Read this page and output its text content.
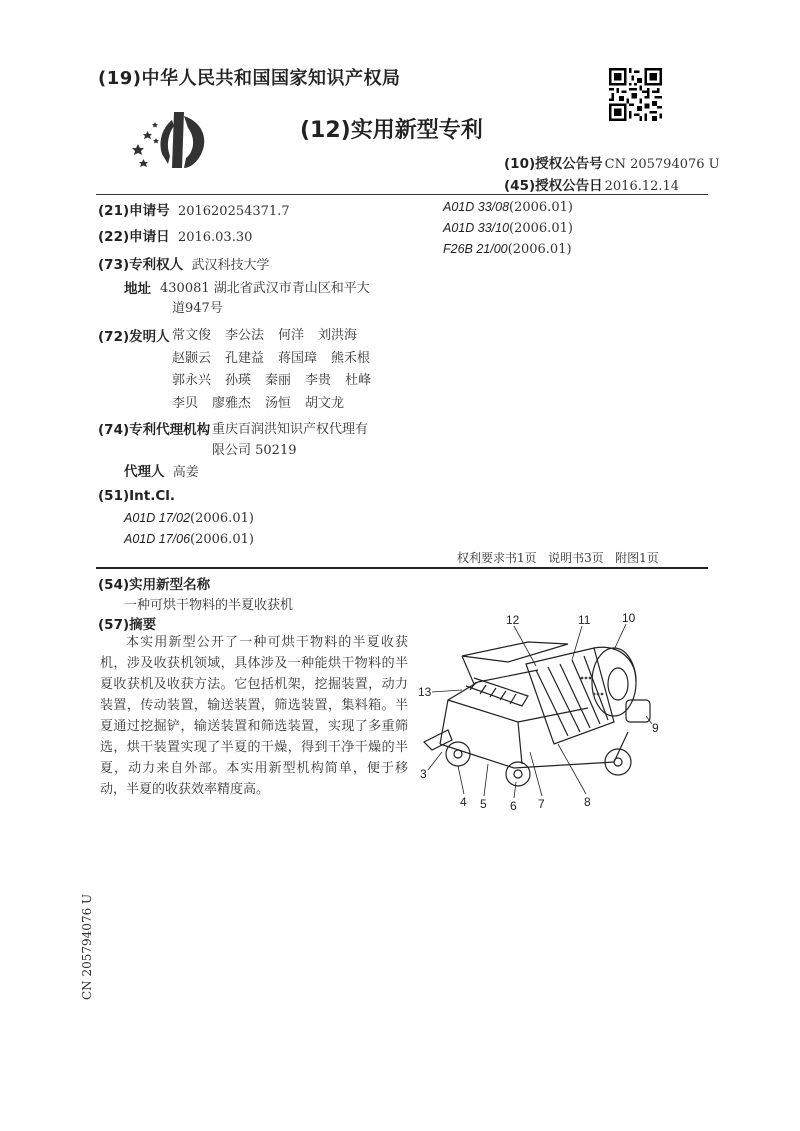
(19)中华人民共和国国家知识产权局
(12)实用新型专利
(10)授权公告号 CN 205794076 U
(45)授权公告日 2016.12.14
(21)申请号 201620254371.7
(22)申请日 2016.03.30
(73)专利权人 武汉科技大学
地址 430081 湖北省武汉市青山区和平大
道947号
(72)发明人 常文俊 李公法 何洋 刘洪海
赵颢云 孔建益 蒋国璋 熊禾根
郭永兴 孙瑛 秦丽 李贵 杜峰
李贝 廖雅杰 汤恒 胡文龙
(74)专利代理机构 重庆百润洪知识产权代理有
限公司 50219
代理人 高姜
(51)Int.Cl.
A01D 17/02(2006.01)
A01D 17/06(2006.01)
A01D 33/08(2006.01)
A01D 33/10(2006.01)
F26B 21/00(2006.01)
权利要求书1页   说明书3页   附图1页
(54)实用新型名称
一种可烘干物料的半夏收获机
(57)摘要
本实用新型公开了一种可烘干物料的半夏收获机，涉及收获机领域，具体涉及一种能烘干物料的半夏收获机及收获方法。它包括机架，挖掘装置，动力装置，传动装置，输送装置，筛选装置，集料箱。半夏通过挖掘铲，输送装置和筛选装置，实现了多重筛选，烘干装置实现了半夏的干燥，得到干净干燥的半夏，动力来自外部。本实用新型机构简单，便于移动，半夏的收获效率精度高。
12	11	10
13
9
3
4 5 6 7	8
CN 205794076 U
